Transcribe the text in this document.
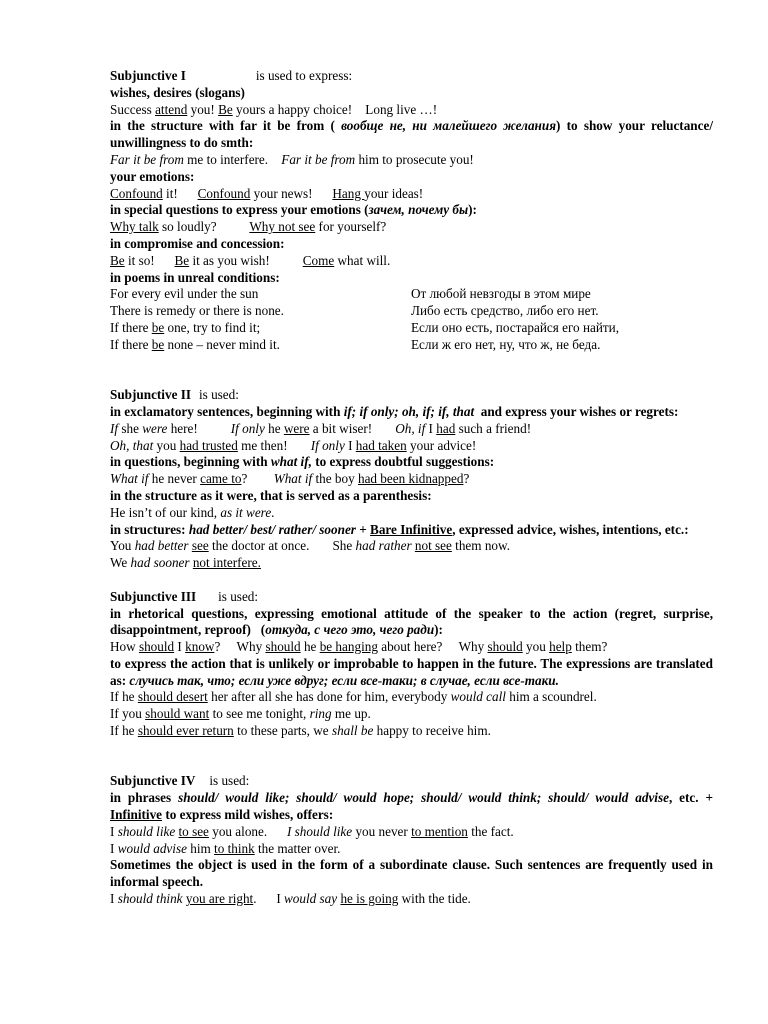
Subjunctive I	is used to express:
wishes, desires (slogans)
Success attend you! Be yours a happy choice!    Long live …!
in the structure with far it be from ( вообще не, ни малейшего желания) to show your reluctance/ unwillingness to do smth:
Far it be from me to interfere.    Far it be from him to prosecute you!
your emotions:
Confound it!      Confound your news!      Hang your ideas!
in special questions to express your emotions (зачем, почему бы):
Why talk so loudly?          Why not see for yourself?
in compromise and concession:
Be it so!      Be it as you wish!          Come what will.
in poems in unreal conditions:
For every evil under the sun	От любой невзгоды в этом мире
There is remedy or there is none.	Либо есть средство, либо его нет.
If there be one, try to find it;	Если оно есть, постарайся его найти,
If there be none – never mind it.	Если ж его нет, ну, что ж, не беда.
Subjunctive II is used:
in exclamatory sentences, beginning with if; if only; oh, if; if, that  and express your wishes or regrets:
If she were here!          If only he were a bit wiser!       Oh, if I had such a friend!
Oh, that you had trusted me then!       If only I had taken your advice!
in questions, beginning with what if, to express doubtful suggestions:
What if he never came to?        What if the boy had been kidnapped?
in the structure as it were, that is served as a parenthesis:
He isn’t of our kind, as it were.
in structures: had better/ best/ rather/ sooner + Bare Infinitive, expressed advice, wishes, intentions, etc.:
You had better see the doctor at once.       She had rather not see them now.
We had sooner not interfere.
Subjunctive III is used:
in rhetorical questions, expressing emotional attitude of the speaker to the action (regret, surprise, disappointment, reproof)   (откуда, с чего это, чего ради):
How should I know?     Why should he be hanging about here?     Why should you help them?
to express the action that is unlikely or improbable to happen in the future. The expressions are translated as: случись так, что; если уже вдруг; если все-таки; в случае, если все-таки.
If he should desert her after all she has done for him, everybody would call him a scoundrel.
If you should want to see me tonight, ring me up.
If he should ever return to these parts, we shall be happy to receive him.
Subjunctive IV is used:
in phrases should/ would like; should/ would hope; should/ would think; should/ would advise, etc. + Infinitive to express mild wishes, offers:
I should like to see you alone.      I should like you never to mention the fact.
I would advise him to think the matter over.
Sometimes the object is used in the form of a subordinate clause. Such sentences are frequently used in informal speech.
I should think you are right.      I would say he is going with the tide.
